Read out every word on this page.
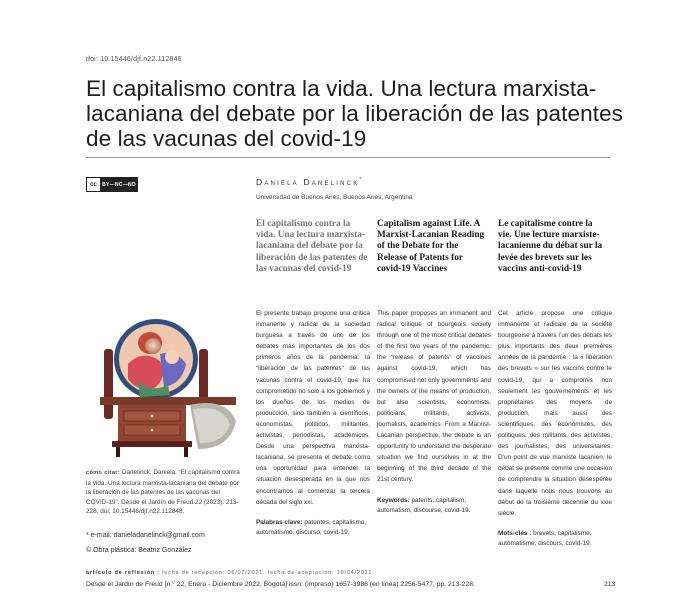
doi: 10.15446/djf.n22.112848
El capitalismo contra la vida. Una lectura marxista-lacaniana del debate por la liberación de las patentes de las vacunas del covid-19
cc	BY—NC—ND	Daniela Danelinck*
Universidad de Buenos Aires, Buenos Aires, Argentina
El capitalismo contra la vida. Una lectura marxista-lacaniana del debate por la liberación de las patentes de las vacunas del covid-19
El presente trabajo propone una crítica inmanente y radical de la sociedad burguesa a través de uno de los debates más importantes de los dos primeros años de la pandemia: la “liberación de las patentes” de las vacunas contra el covid-19, que ha comprometido no solo a los gobiernos y los dueños de los medios de producción, sino también a científicos, economistas, políticos, militantes, activistas, periodistas, académicos. Desde una perspectiva marxista-lacaniana, se presenta el debate como una oportunidad para entender la situación desesperada en la que nos encontramos al comenzar la tercera década del siglo xxi.
Palabras clave: patentes, capitalismo, automatismo, discurso, covid-19.
Capitalism against Life. A Marxist-Lacanian Reading of the Debate for the Release of Patents for covid-19 Vaccines
This paper proposes an immanent and radical critique of bourgeois society through one of the most critical debates of the first two years of the pandemic: the “release of patents” of vaccines against covid-19, which has compromised not only governments and the owners of the means of production, but also scientists, economists, politicians, militants, activists, journalists, academics. From a Marxist-Lacanian perspective, the debate is an opportunity to understand the desperate situation we find ourselves in at the beginning of the third decade of the 21st century.
Keywords: patents, capitalism, automatism, discourse, covid-19.
Le capitalisme contre la vie. Une lecture marxiste-lacanienne du débat sur la levée des brevets sur les vaccins anti-covid-19
Cet article propose une critique immanente et radicale de la société bourgeoise à travers l’un des débats les plus importants des deux premières années de la pandémie : la « libération des brevets » sur les vaccins contre le covid-19, qui a compromis non seulement les gouvernements et les propriétaires des moyens de production, mais aussi des scientifiques, des économistes, des politiques, des militants, des activistes, des journalistes, des universitaires. D’un point de vue marxiste lacanien, le débat se présente comme une occasion de comprendre la situation désespérée dans laquelle nous nous trouvons au début de la troisième décennie du xxie siècle.
Mots-clés : brevets, capitalisme, automatisme, discours, covid-19.
cómo citar: Danelinck, Daniela. “El capitalismo contra la vida. Una lectura marxista-lacaniana del debate por la liberación de las patentes de las vacunas del COVID-19”. Desde el Jardín de Freud 22 (2023): 213-228, doi: 10.15446/djf.n22.112848.
* e-mail: danieladanelinck@gmail.com
© Obra plástica: Beatriz González
artículo de reflexión | fecha de recepción: 06/07/2021. fecha de aceptación: 18/04/2022.
Desde el Jardín de Freud [n.° 22, Enero - Diciembre 2022, Bogotá] issn: (impreso) 1657-3986 (en línea) 2256-5477, pp. 213-228.	213
